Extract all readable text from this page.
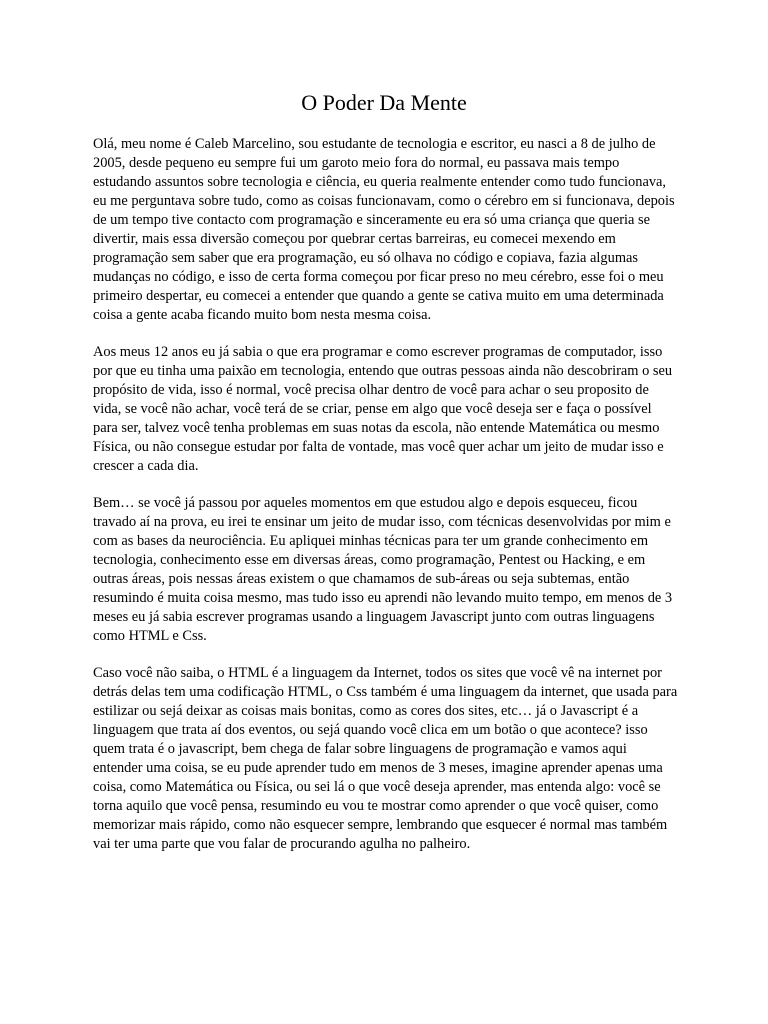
O Poder Da Mente

Olá, meu nome é Caleb Marcelino, sou estudante de tecnologia e escritor, eu nasci a 8 de julho de 2005, desde pequeno eu sempre fui um garoto meio fora do normal, eu passava mais tempo estudando assuntos sobre tecnologia e ciência, eu queria realmente entender como tudo funcionava, eu me perguntava sobre tudo, como as coisas funcionavam, como o cérebro em si funcionava, depois de um tempo tive contacto com programação e sinceramente eu era só uma criança que queria se divertir, mais essa diversão começou por quebrar certas barreiras, eu comecei mexendo em programação sem saber que era programação, eu só olhava no código e copiava, fazia algumas mudanças no código, e isso de certa forma começou por ficar preso no meu cérebro, esse foi o meu primeiro despertar, eu comecei a entender que quando a gente se cativa muito em uma determinada coisa a gente acaba ficando muito bom nesta mesma coisa.

Aos meus 12 anos eu já sabia o que era programar e como escrever programas de computador, isso por que eu tinha uma paixão em tecnologia, entendo que outras pessoas ainda não descobriram o seu propósito de vida, isso é normal, você precisa olhar dentro de você para achar o seu proposito de vida, se você não achar, você terá de se criar, pense em algo que você deseja ser e faça o possível para ser, talvez você tenha problemas em suas notas da escola, não entende Matemática ou mesmo Física, ou não consegue estudar por falta de vontade, mas você quer achar um jeito de mudar isso e crescer a cada dia.

Bem… se você já passou por aqueles momentos em que estudou algo e depois esqueceu, ficou travado aí na prova, eu irei te ensinar um jeito de mudar isso, com técnicas desenvolvidas por mim e com as bases da neurociência. Eu apliquei minhas técnicas para ter um grande conhecimento em tecnologia, conhecimento esse em diversas áreas, como programação, Pentest ou Hacking, e em outras áreas, pois nessas áreas existem o que chamamos de sub-áreas ou seja subtemas, então resumindo é muita coisa mesmo, mas tudo isso eu aprendi não levando muito tempo, em menos de 3 meses eu já sabia escrever programas usando a linguagem Javascript junto com outras linguagens como HTML e Css.

Caso você não saiba, o HTML é a linguagem da Internet, todos os sites que você vê na internet por detrás delas tem uma codificação HTML, o Css também é uma linguagem da internet, que usada para estilizar ou sejá deixar as coisas mais bonitas, como as cores dos sites, etc… já o Javascript é a linguagem que trata aí dos eventos, ou sejá quando você clica em um botão o que acontece? isso quem trata é o javascript, bem chega de falar sobre linguagens de programação e vamos aqui entender uma coisa, se eu pude aprender tudo em menos de 3 meses, imagine aprender apenas uma coisa, como Matemática ou Física, ou sei lá o que você deseja aprender, mas entenda algo: você se torna aquilo que você pensa, resumindo eu vou te mostrar como aprender o que você quiser, como memorizar mais rápido, como não esquecer sempre, lembrando que esquecer é normal mas também vai ter uma parte que vou falar de procurando agulha no palheiro.
